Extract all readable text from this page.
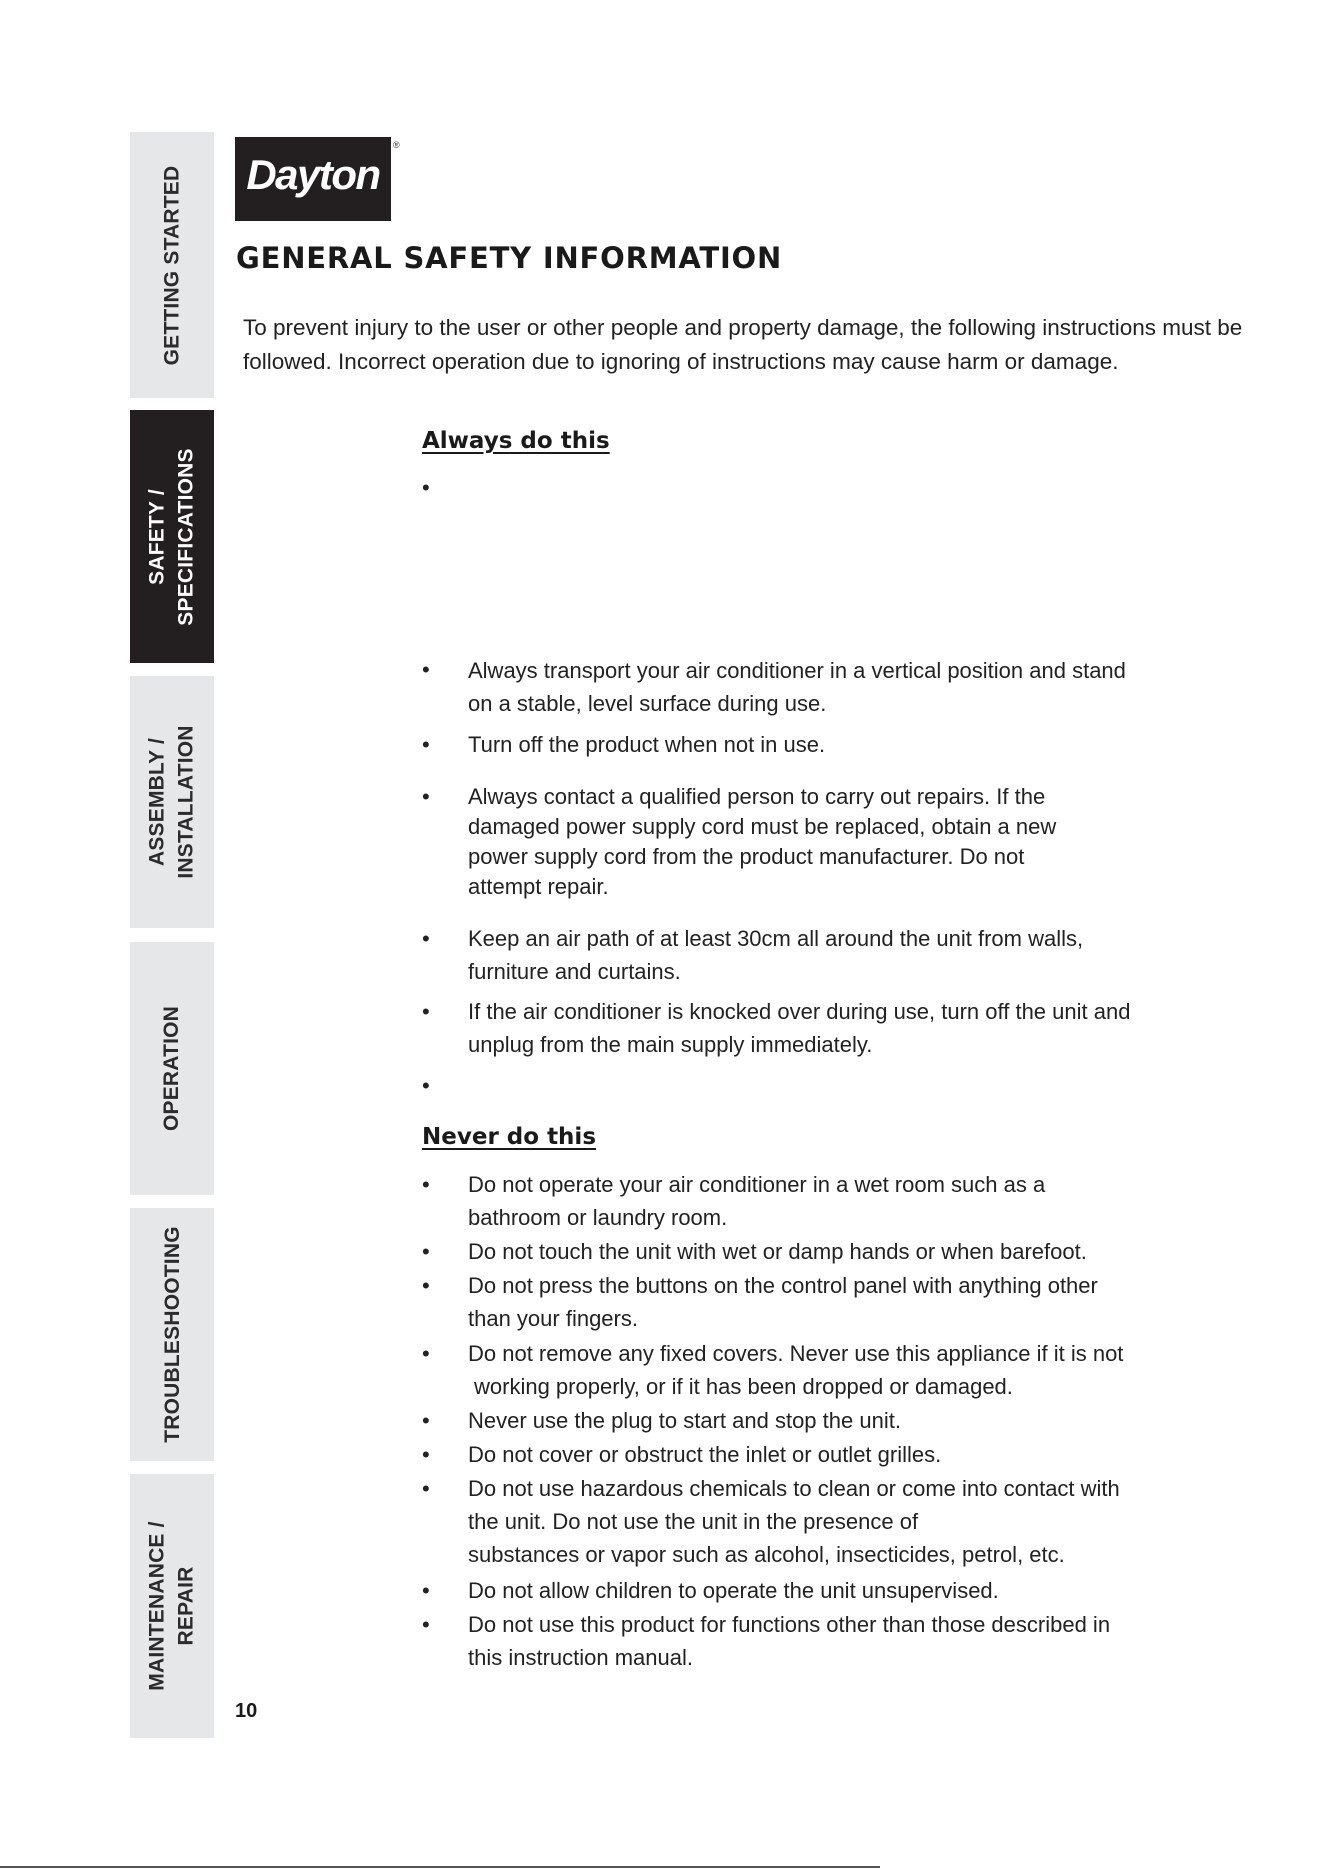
GETTING STARTED
SAFETY / SPECIFICATIONS
ASSEMBLY / INSTALLATION
OPERATION
TROUBLESHOOTING
MAINTENANCE / REPAIR
Dayton
®
GENERAL SAFETY INFORMATION
To prevent injury to the user or other people and property damage, the following instructions must be followed. Incorrect operation due to ignoring of instructions may cause harm or damage.
Always do this
•
• Always transport your air conditioner in a vertical position and stand
on a stable, level surface during use.
• Turn off the product when not in use.
• Always contact a qualified person to carry out repairs. If the
damaged power supply cord must be replaced, obtain a new
power supply cord from the product manufacturer. Do not
attempt repair.
• Keep an air path of at least 30cm all around the unit from walls,
furniture and curtains.
• If the air conditioner is knocked over during use, turn off the unit and
unplug from the main supply immediately.
•
Never do this
• Do not operate your air conditioner in a wet room such as a
bathroom or laundry room.
• Do not touch the unit with wet or damp hands or when barefoot.
• Do not press the buttons on the control panel with anything other
than your fingers.
• Do not remove any fixed covers. Never use this appliance if it is not
working properly, or if it has been dropped or damaged.
• Never use the plug to start and stop the unit.
• Do not cover or obstruct the inlet or outlet grilles.
• Do not use hazardous chemicals to clean or come into contact with
the unit. Do not use the unit in the presence of
substances or vapor such as alcohol, insecticides, petrol, etc.
• Do not allow children to operate the unit unsupervised.
• Do not use this product for functions other than those described in
this instruction manual.
10
